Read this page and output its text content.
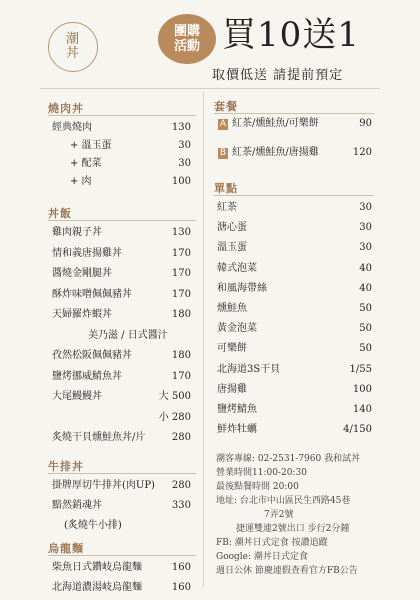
潮
丼
團購
活動 買10送1
取價低送 請提前預定
燒肉丼
經典燒肉	130
+ 溫玉蛋	30
+ 配菜	30
+ 肉	100
丼飯
雞肉親子丼	130
情和義唐揚雞丼	170
醬燒金剛腿丼	170
酥炸味噌佩佩豬丼	170
天婦羅炸蝦丼	180
美乃滋 / 日式醬汁
孜然松阪佩佩豬丼	180
鹽烤挪威鯖魚丼	170
大尾鰻鰻丼	大 500
小 280
炙燒干貝燻鮭魚丼/片	280
牛排丼
掛牌厚切牛排丼(肉UP)	280
黯然銷魂丼	330
(炙燒牛小排)
烏龍麵
柴魚日式鑽岐烏龍麵	160
北海道濃湯岐烏龍麵	160
套餐
A 紅茶/燻鮭魚/可樂餅	90
B 紅茶/燻鮭魚/唐揚雞	120
單點
紅茶	30
溏心蛋	30
溫玉蛋	30
韓式泡菜	40
和風海帶絲	40
燻鮭魚	50
黃金泡菜	50
可樂餅	50
北海道3S干貝	1/55
唐揚雞	100
鹽烤鯖魚	140
鮮炸牡蠣	4/150
潮客專線: 02-2531-7960 我和試丼
營業時間11:00-20:30
最後點餐時間 20:00
地址: 台北市中山區民生西路45巷
7弄2號
捷運雙連2號出口 步行2分鐘
FB: 潮丼日式定食 按讚追蹤
Google: 潮丼日式定食
週日公休 節慶連假查看官方FB公告
